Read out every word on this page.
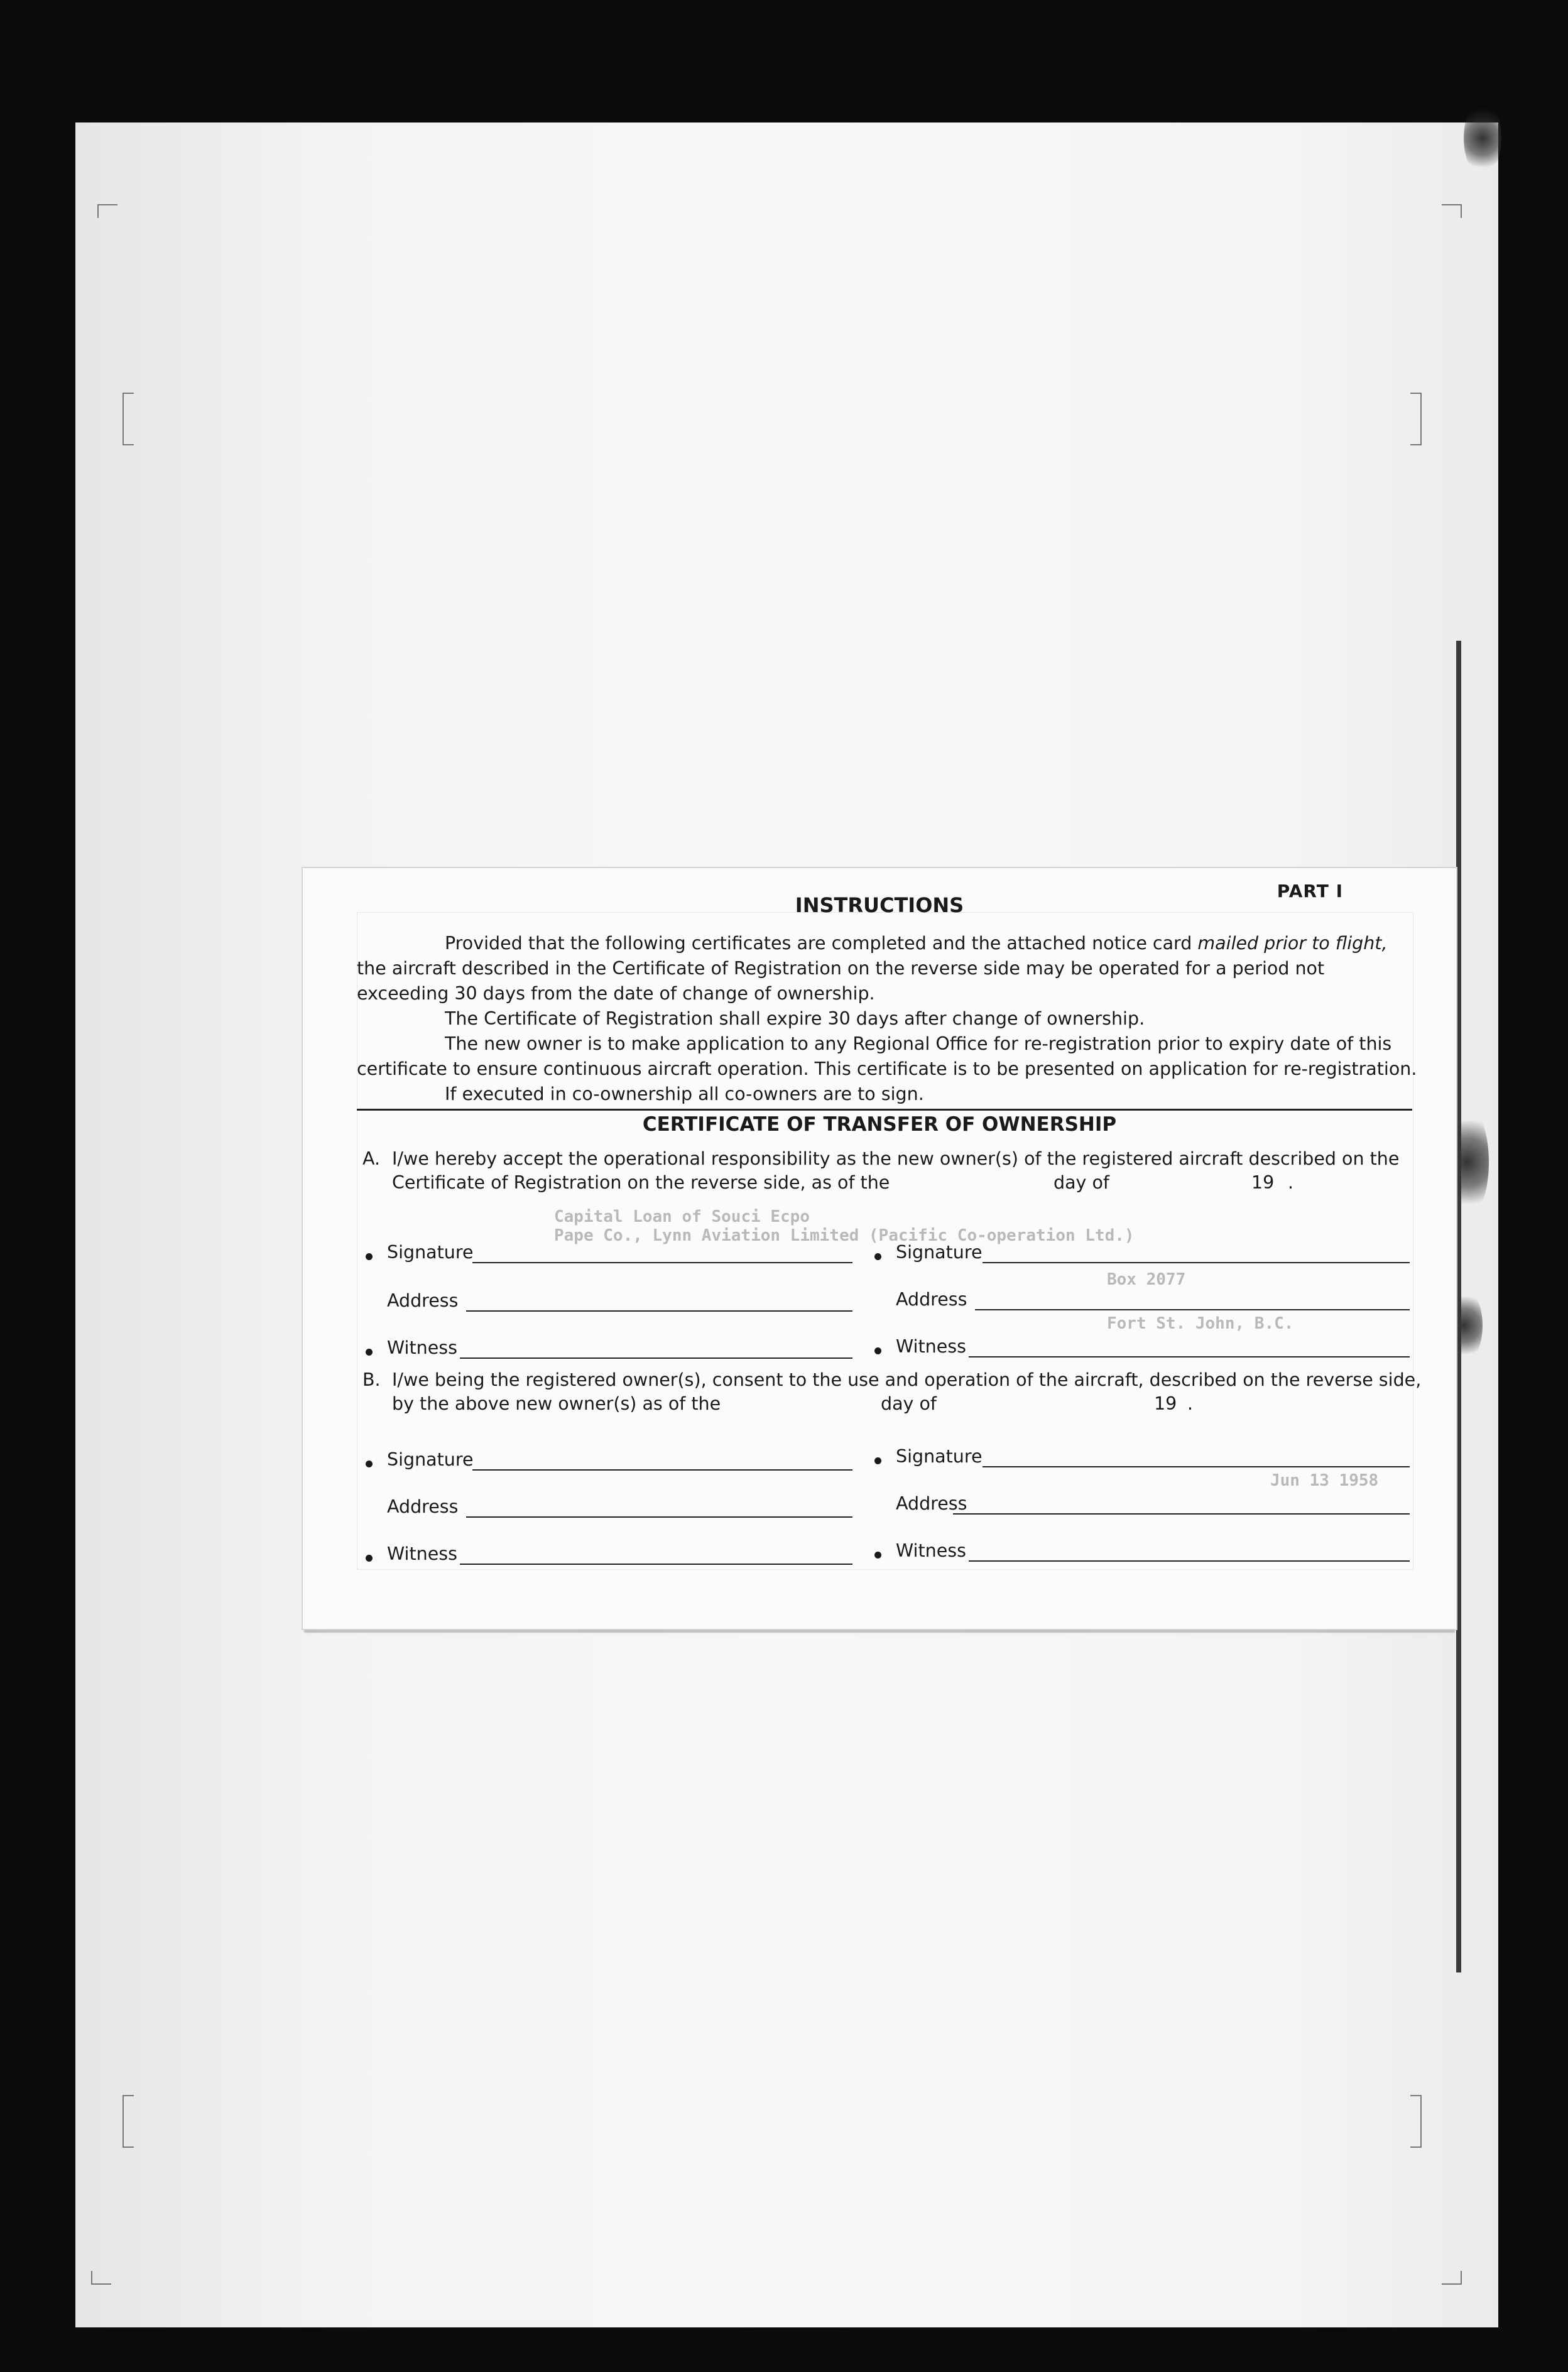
Capital Loan of Souci Ecpo
Pape Co., Lynn Aviation Limited (Pacific Co-operation Ltd.)
Box 2077
Fort St. John, B.C.
Jun 13 1958
PART I
INSTRUCTIONS
Provided that the following certificates are completed and the attached notice card mailed prior to flight,
the aircraft described in the Certificate of Registration on the reverse side may be operated for a period not
exceeding 30 days from the date of change of ownership.
The Certificate of Registration shall expire 30 days after change of ownership.
The new owner is to make application to any Regional Office for re-registration prior to expiry date of this
certificate to ensure continuous aircraft operation. This certificate is to be presented on application for re-registration.
If executed in co-ownership all co-owners are to sign.
CERTIFICATE OF TRANSFER OF OWNERSHIP
A. I/we hereby accept the operational responsibility as the new owner(s) of the registered aircraft described on the
Certificate of Registration on the reverse side, as of the	day of	19 .
Signature	Signature
Address	Address
Witness	Witness
B. I/we being the registered owner(s), consent to the use and operation of the aircraft, described on the reverse side,
by the above new owner(s) as of the	day of	19 .
Signature	Signature
Address	Address
Witness	Witness
